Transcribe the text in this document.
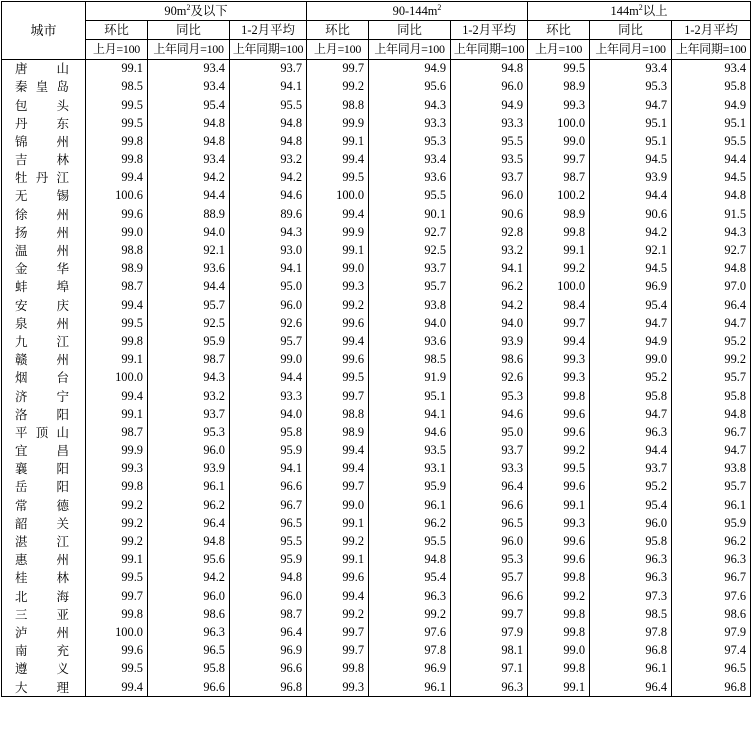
城市	$90m^2$及以下			$90-144m^2$			$144m^2$以上		
	环比	同比	1-2月平均	环比	同比	1-2月平均	环比	同比	1-2月平均
	上月=100	上年同月=100	上年同期=100	上月=100	上年同月=100	上年同期=100	上月=100	上年同月=100	上年同期=100
唐山	99.1	93.4	93.7	99.7	94.9	94.8	99.5	93.4	93.4
秦皇岛	98.5	93.4	94.1	99.2	95.6	96.0	98.9	95.3	95.8
包头	99.5	95.4	95.5	98.8	94.3	94.9	99.3	94.7	94.9
丹东	99.5	94.8	94.8	99.9	93.3	93.3	100.0	95.1	95.1
锦州	99.8	94.8	94.8	99.1	95.3	95.5	99.0	95.1	95.5
吉林	99.8	93.4	93.2	99.4	93.4	93.5	99.7	94.5	94.4
牡丹江	99.4	94.2	94.2	99.5	93.6	93.7	98.7	93.9	94.5
无锡	100.6	94.4	94.6	100.0	95.5	96.0	100.2	94.4	94.8
徐州	99.6	88.9	89.6	99.4	90.1	90.6	98.9	90.6	91.5
扬州	99.0	94.0	94.3	99.9	92.7	92.8	99.8	94.2	94.3
温州	98.8	92.1	93.0	99.1	92.5	93.2	99.1	92.1	92.7
金华	98.9	93.6	94.1	99.0	93.7	94.1	99.2	94.5	94.8
蚌埠	98.7	94.4	95.0	99.3	95.7	96.2	100.0	96.9	97.0
安庆	99.4	95.7	96.0	99.2	93.8	94.2	98.4	95.4	96.4
泉州	99.5	92.5	92.6	99.6	94.0	94.0	99.7	94.7	94.7
九江	99.8	95.9	95.7	99.4	93.6	93.9	99.4	94.9	95.2
赣州	99.1	98.7	99.0	99.6	98.5	98.6	99.3	99.0	99.2
烟台	100.0	94.3	94.4	99.5	91.9	92.6	99.3	95.2	95.7
济宁	99.4	93.2	93.3	99.7	95.1	95.3	99.8	95.8	95.8
洛阳	99.1	93.7	94.0	98.8	94.1	94.6	99.6	94.7	94.8
平顶山	98.7	95.3	95.8	98.9	94.6	95.0	99.6	96.3	96.7
宜昌	99.9	96.0	95.9	99.4	93.5	93.7	99.2	94.4	94.7
襄阳	99.3	93.9	94.1	99.4	93.1	93.3	99.5	93.7	93.8
岳阳	99.8	96.1	96.6	99.7	95.9	96.4	99.6	95.2	95.7
常德	99.2	96.2	96.7	99.0	96.1	96.6	99.1	95.4	96.1
韶关	99.2	96.4	96.5	99.1	96.2	96.5	99.3	96.0	95.9
湛江	99.2	94.8	95.5	99.2	95.5	96.0	99.6	95.8	96.2
惠州	99.1	95.6	95.9	99.1	94.8	95.3	99.6	96.3	96.3
桂林	99.5	94.2	94.8	99.6	95.4	95.7	99.8	96.3	96.7
北海	99.7	96.0	96.0	99.4	96.3	96.6	99.2	97.3	97.6
三亚	99.8	98.6	98.7	99.2	99.2	99.7	99.8	98.5	98.6
泸州	100.0	96.3	96.4	99.7	97.6	97.9	99.8	97.8	97.9
南充	99.6	96.5	96.9	99.7	97.8	98.1	99.0	96.8	97.4
遵义	99.5	95.8	96.6	99.8	96.9	97.1	99.8	96.1	96.5
大理	99.4	96.6	96.8	99.3	96.1	96.3	99.1	96.4	96.8
